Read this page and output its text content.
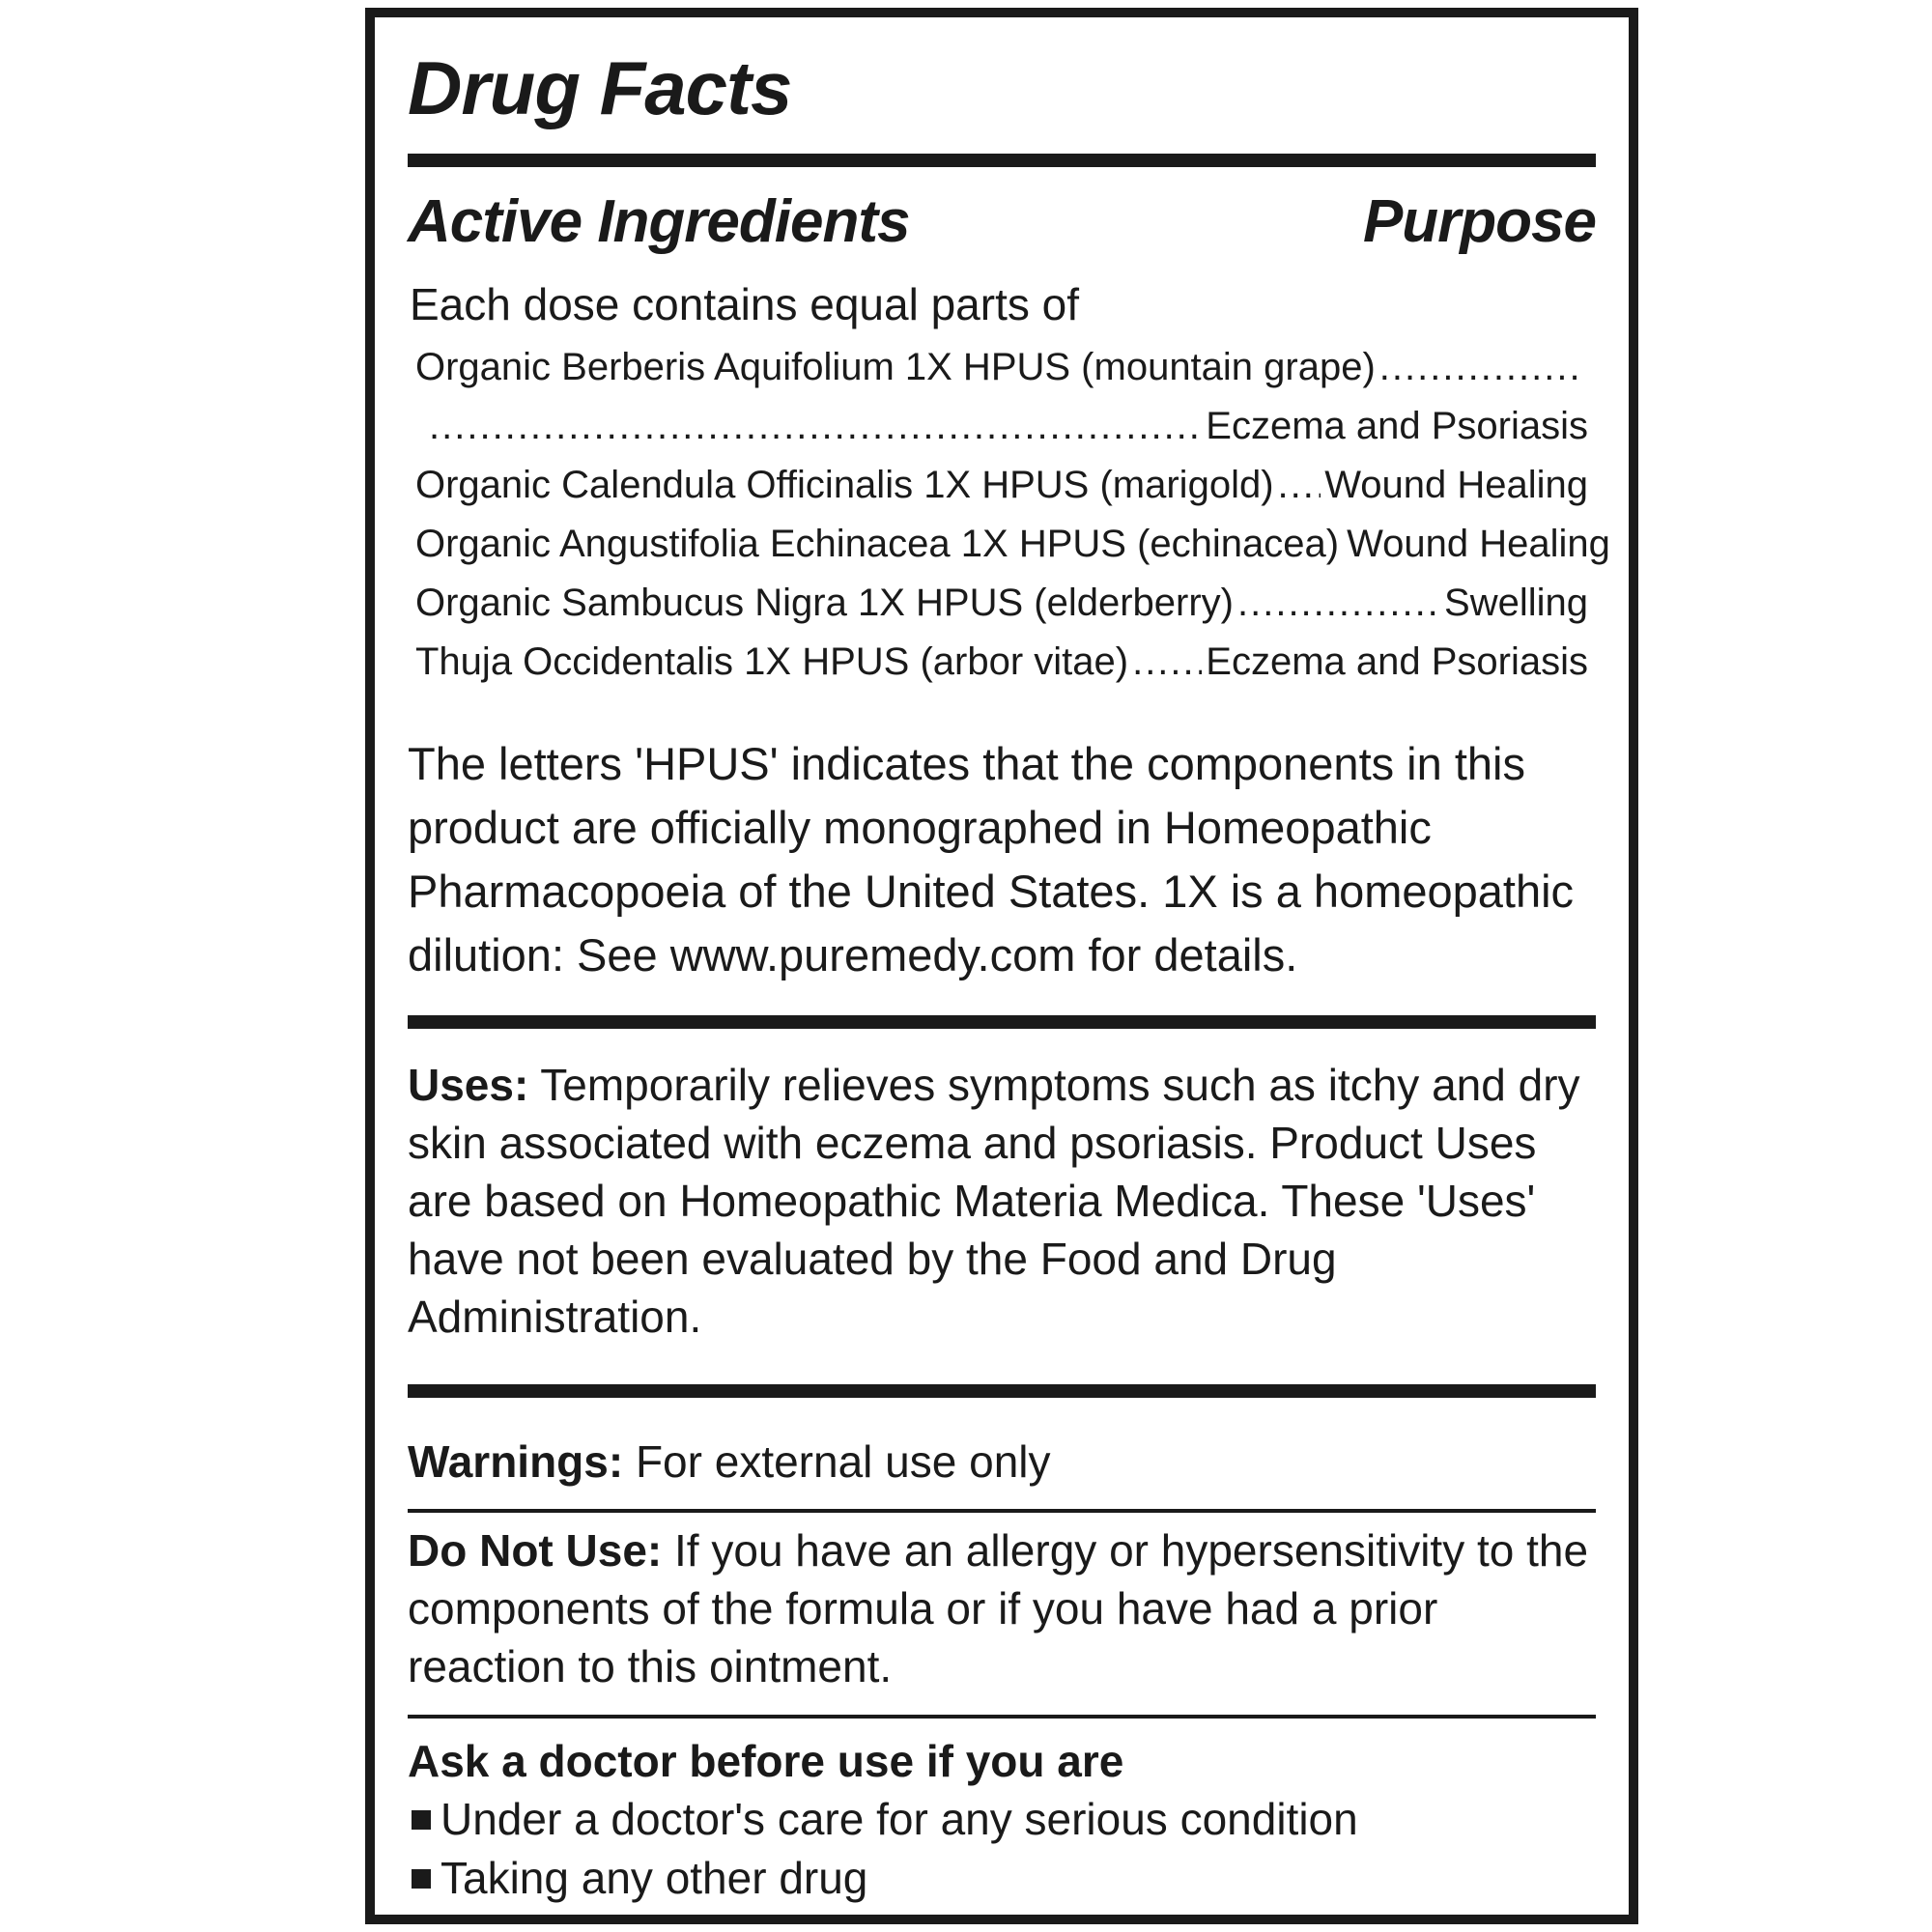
Drug Facts
Active Ingredients	Purpose
Each dose contains equal parts of
Organic Berberis Aquifolium 1X HPUS (mountain grape)
.....
.....
Eczema and Psoriasis
Organic Calendula Officinalis 1X HPUS (marigold) ..... Wound Healing
Organic Angustifolia Echinacea 1X HPUS (echinacea) Wound Healing
Organic Sambucus Nigra 1X HPUS (elderberry) .....	Swelling
Thuja Occidentalis 1X HPUS (arbor vitae) ..... Eczema and Psoriasis
The letters 'HPUS' indicates that the components in this product are officially monographed in Homeopathic Pharmacopoeia of the United States. 1X is a homeopathic dilution: See www.puremedy.com for details.
Uses: Temporarily relieves symptoms such as itchy and dry skin associated with eczema and psoriasis. Product Uses are based on Homeopathic Materia Medica. These 'Uses' have not been evaluated by the Food and Drug Administration.
Warnings: For external use only
Do Not Use: If you have an allergy or hypersensitivity to the components of the formula or if you have had a prior reaction to this ointment.
Ask a doctor before use if you are
Under a doctor's care for any serious condition
Taking any other drug
